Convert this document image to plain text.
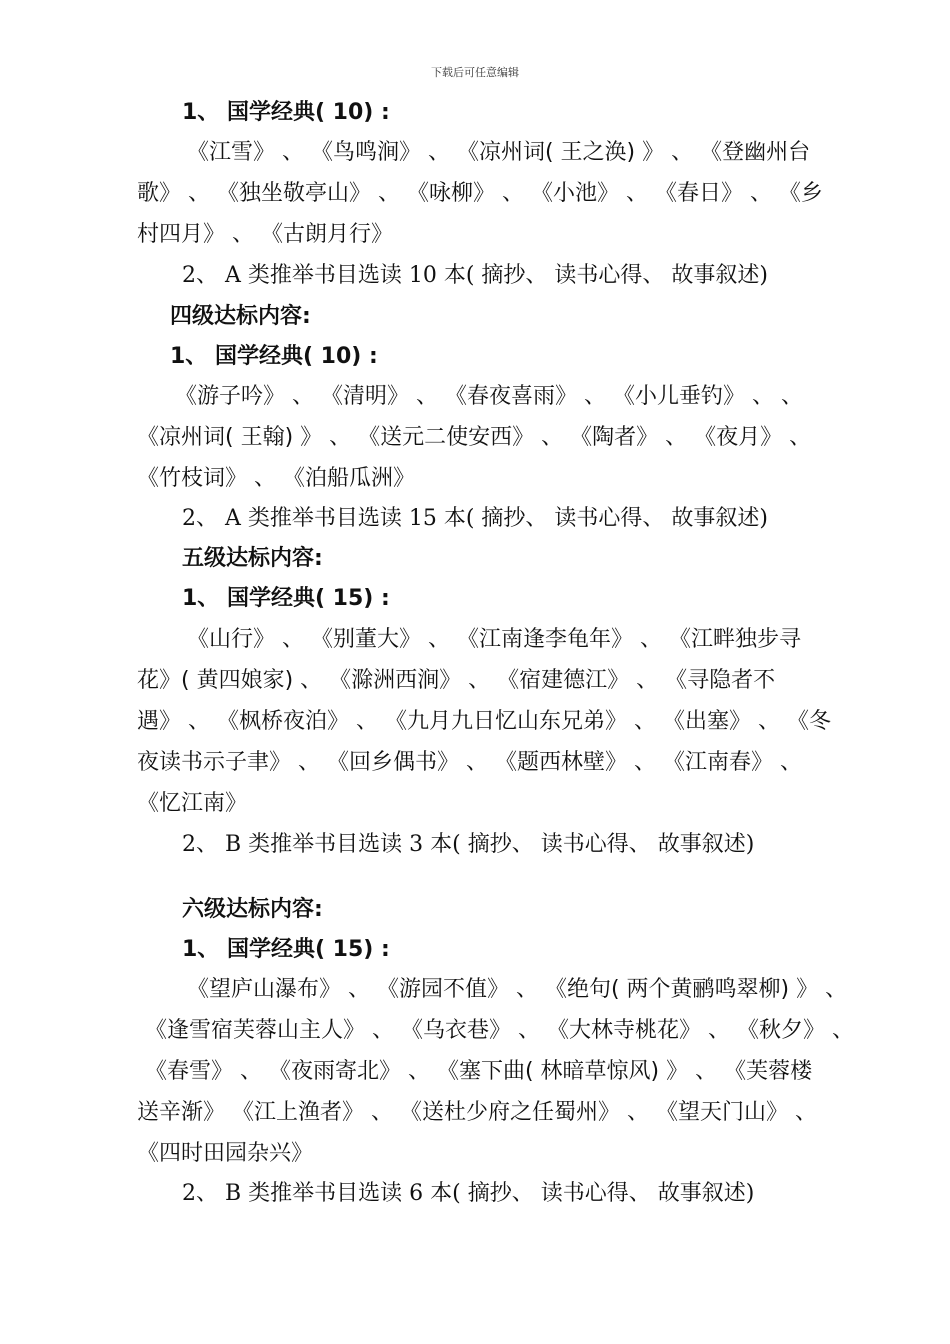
下载后可任意编辑
1、 国学经典( 10) :
《江雪》 、 《鸟鸣涧》 、 《凉州词( 王之涣) 》 、 《登幽州台
歌》 、 《独坐敬亭山》 、 《咏柳》 、 《小池》 、 《春日》 、 《乡
村四月》 、 《古朗月行》
2、 A 类推举书目选读 10 本( 摘抄、 读书心得、 故事叙述)
四级达标内容:
1、 国学经典( 10) :
《游子吟》 、 《清明》 、 《春夜喜雨》 、 《小儿垂钓》 、 、
《凉州词( 王翰) 》 、 《送元二使安西》 、 《陶者》 、 《夜月》 、
《竹枝词》 、 《泊船瓜洲》
2、 A 类推举书目选读 15 本( 摘抄、 读书心得、 故事叙述)
五级达标内容:
1、 国学经典( 15) :
《山行》 、 《别董大》 、 《江南逢李龟年》 、 《江畔独步寻
花》( 黄四娘家) 、 《滁洲西涧》 、 《宿建德江》 、 《寻隐者不
遇》 、 《枫桥夜泊》 、 《九月九日忆山东兄弟》 、 《出塞》 、 《冬
夜读书示子聿》 、 《回乡偶书》 、 《题西林壁》 、 《江南春》 、
《忆江南》
2、 B 类推举书目选读 3 本( 摘抄、 读书心得、 故事叙述)
六级达标内容:
1、 国学经典( 15) :
《望庐山瀑布》 、 《游园不值》 、 《绝句( 两个黄鹂鸣翠柳) 》 、
《逢雪宿芙蓉山主人》 、 《乌衣巷》 、 《大林寺桃花》 、 《秋夕》 、
《春雪》 、 《夜雨寄北》 、 《塞下曲( 林暗草惊风) 》 、 《芙蓉楼
送辛渐》 《江上渔者》 、 《送杜少府之任蜀州》 、 《望天门山》 、
《四时田园杂兴》
2、 B 类推举书目选读 6 本( 摘抄、 读书心得、 故事叙述)
